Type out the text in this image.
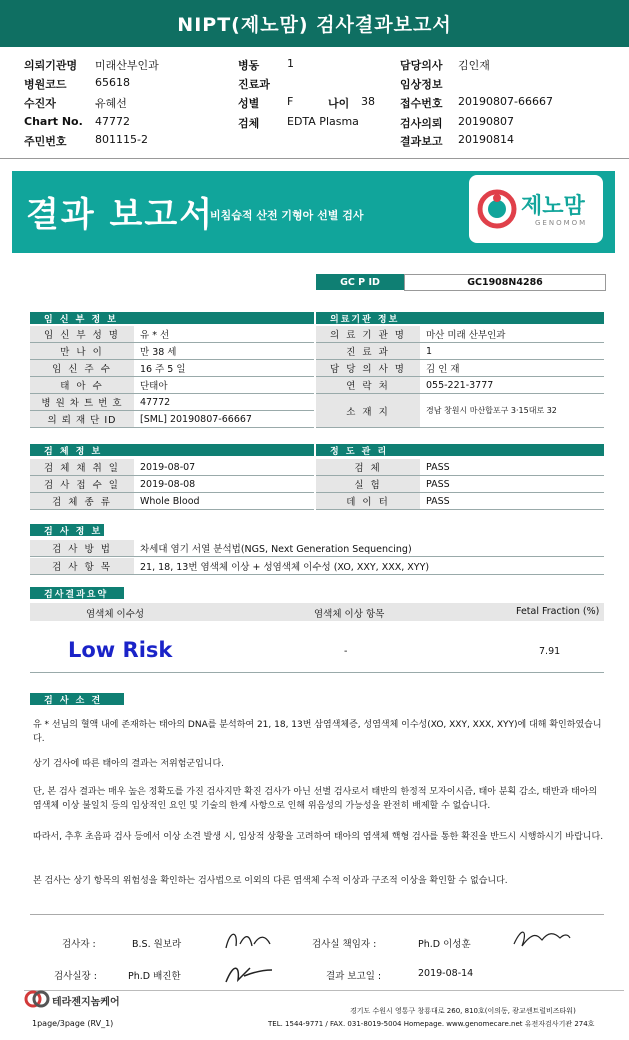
NIPT(제노맘) 검사결과보고서
의뢰기관명 미래산부인과
병원코드	65618
수진자	유혜선
Chart No. 47772
주민번호	801115-2
병동	1
진료과
성별	F	나이 38
검체	EDTA Plasma
담당의사 김인재
임상정보
접수번호 20190807-66667
검사의뢰 20190807
결과보고 20190814
결과 보고서
비침습적 산전 기형아 선별 검사	제노맘
GENOMOM
GC P ID	GC1908N4286
임 신 부 정 보
임 신 부 성 명	유 * 선
만 나 이	만 38 세
임 신 주 수	16 주 5 일
태 아 수	단태아
병 원 차 트 번 호	47772
의 뢰 재 단 ID	[SML] 20190807-66667
의료기관 정보
의 료 기 관 명	마산 미래 산부인과
진 료 과	1
담 당 의 사 명	김 인 재
연 락 처	055-221-3777
소 재 지	경남 창원시 마산합포구 3·15대로 32
검 체 정 보
검 체 채 취 일	2019-08-07
검 사 접 수 일	2019-08-08
검 체 종 류	Whole Blood
정 도 관 리
검 체	PASS
실 험	PASS
데 이 터	PASS
검 사 정 보
검 사 방 법	차세대 염기 서열 분석법(NGS, Next Generation Sequencing)
검 사 항 목	21, 18, 13번 염색체 이상 + 성염색체 이수성 (XO, XXY, XXX, XYY)
검사결과요약
염색체 이수성	염색체 이상 항목	Fetal Fraction (%)
Low Risk	-	7.91
검 사 소 견
유 * 선님의 혈액 내에 존재하는 태아의 DNA를 분석하여 21, 18, 13번 삼염색체증, 성염색체 이수성(XO, XXY, XXX, XYY)에 대해 확인하였습니다.
상기 검사에 따른 태아의 결과는 저위험군입니다.
단, 본 검사 결과는 매우 높은 정확도를 가진 검사지만 확진 검사가 아닌 선별 검사로서 태반의 한정적 모자이시즘, 태아 분획 감소, 태반과 태아의 염색체 이상 불일치 등의 임상적인 요인 및 기술의 한계 사항으로 인해 위음성의 가능성을 완전히 배제할 수 없습니다.
따라서, 추후 초음파 검사 등에서 이상 소견 발생 시, 임상적 상황을 고려하여 태아의 염색체 핵형 검사를 통한 확진을 반드시 시행하시기 바랍니다.
본 검사는 상기 항목의 위험성을 확인하는 검사법으로 이외의 다른 염색체 수적 이상과 구조적 이상을 확인할 수 없습니다.
검사자 :	B.S. 원보라	검사실 책임자 :	Ph.D 이성훈
검사실장 :	Ph.D 배진한	결과 보고일 :	2019-08-14
테라젠지놈케어
경기도 수원시 영통구 창룡대로 260, 810호(이의동, 광교센트럴비즈타워)
TEL. 1544-9771 / FAX. 031-8019-5004 Homepage. www.genomecare.net 유전자검사기관 274호
1page/3page (RV_1)
